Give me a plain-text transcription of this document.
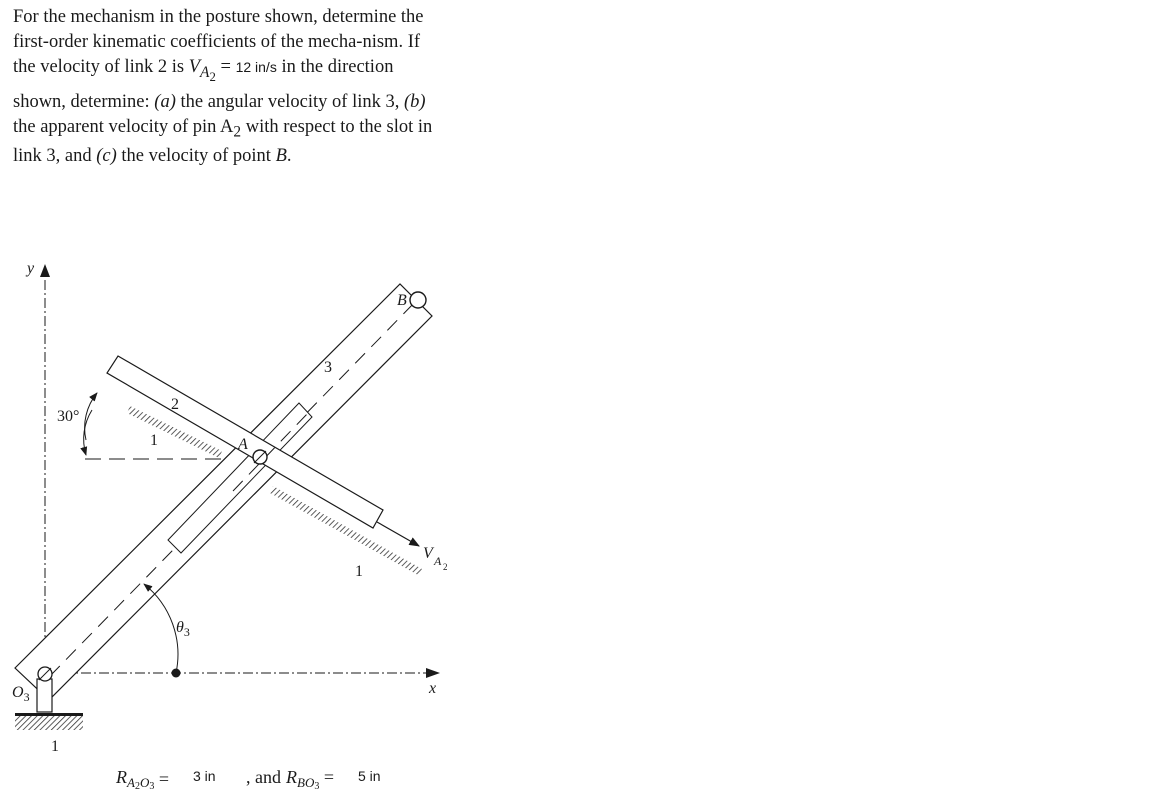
For the mechanism in the posture shown, determine the first-order kinematic coefficients of the mecha-nism. If the velocity of link 2 is $V_{A_2} = 12$ in/s in the direction shown, determine: (a) the angular velocity of link 3, (b) the apparent velocity of pin $A_2$ with respect to the slot in link 3, and (c) the velocity of point B.

y
x
30°
A
B
2
3
1
1
V A 2
$\theta_3$
$O_3$
1
$R_A2O3 = 3$ in , and $R_{BO}3 = 5$ in
